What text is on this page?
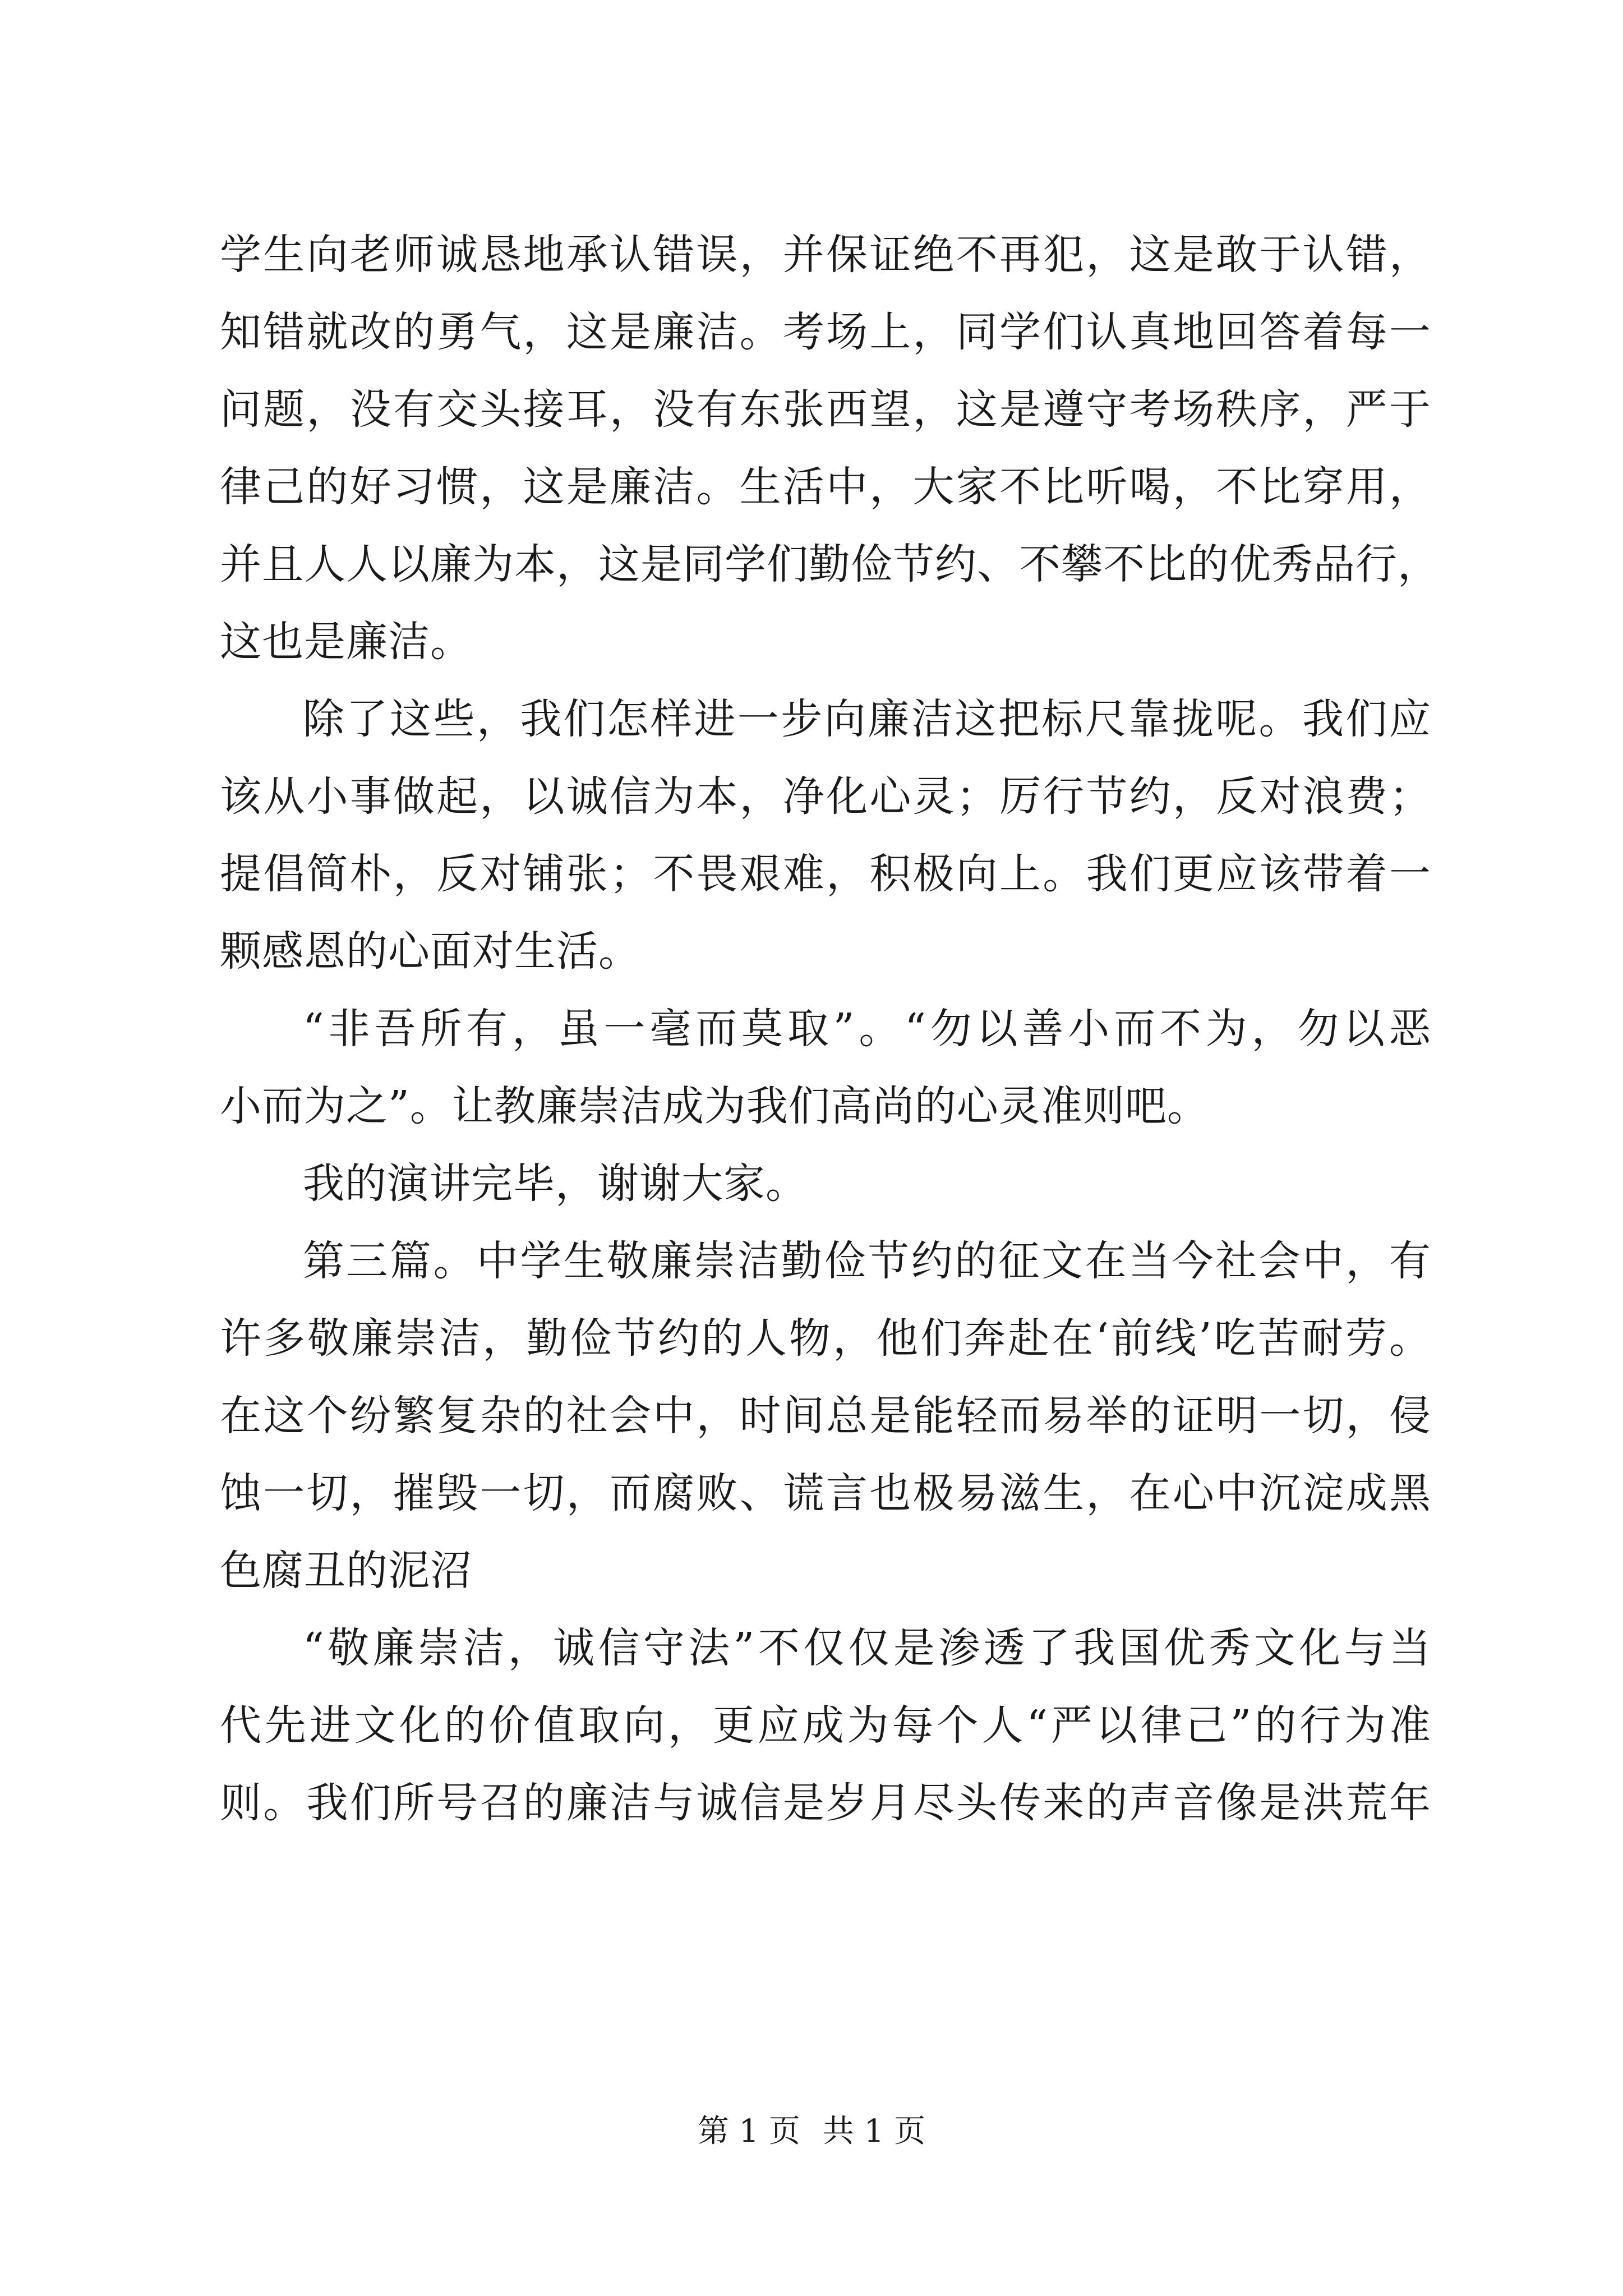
学生向老师诚恳地承认错误，并保证绝不再犯，这是敢于认错，
知错就改的勇气，这是廉洁。考场上，同学们认真地回答着每一
问题，没有交头接耳，没有东张西望，这是遵守考场秩序，严于
律己的好习惯，这是廉洁。生活中，大家不比听喝，不比穿用，
并且人人以廉为本，这是同学们勤俭节约、不攀不比的优秀品行，
这也是廉洁。
除了这些，我们怎样进一步向廉洁这把标尺靠拢呢。我们应
该从小事做起，以诚信为本，净化心灵；厉行节约，反对浪费；
提倡简朴，反对铺张；不畏艰难，积极向上。我们更应该带着一
颗感恩的心面对生活。
“非吾所有，虽一毫而莫取”。“勿以善小而不为，勿以恶
小而为之”。让教廉崇洁成为我们高尚的心灵准则吧。
我的演讲完毕，谢谢大家。
第三篇。中学生敬廉崇洁勤俭节约的征文在当今社会中，有
许多敬廉崇洁，勤俭节约的人物，他们奔赴在‘前线’吃苦耐劳。
在这个纷繁复杂的社会中，时间总是能轻而易举的证明一切，侵
蚀一切，摧毁一切，而腐败、谎言也极易滋生，在心中沉淀成黑
色腐丑的泥沼
“敬廉崇洁，诚信守法”不仅仅是渗透了我国优秀文化与当
代先进文化的价值取向，更应成为每个人“严以律己”的行为准
则。我们所号召的廉洁与诚信是岁月尽头传来的声音像是洪荒年
第 1 页 共 1 页
